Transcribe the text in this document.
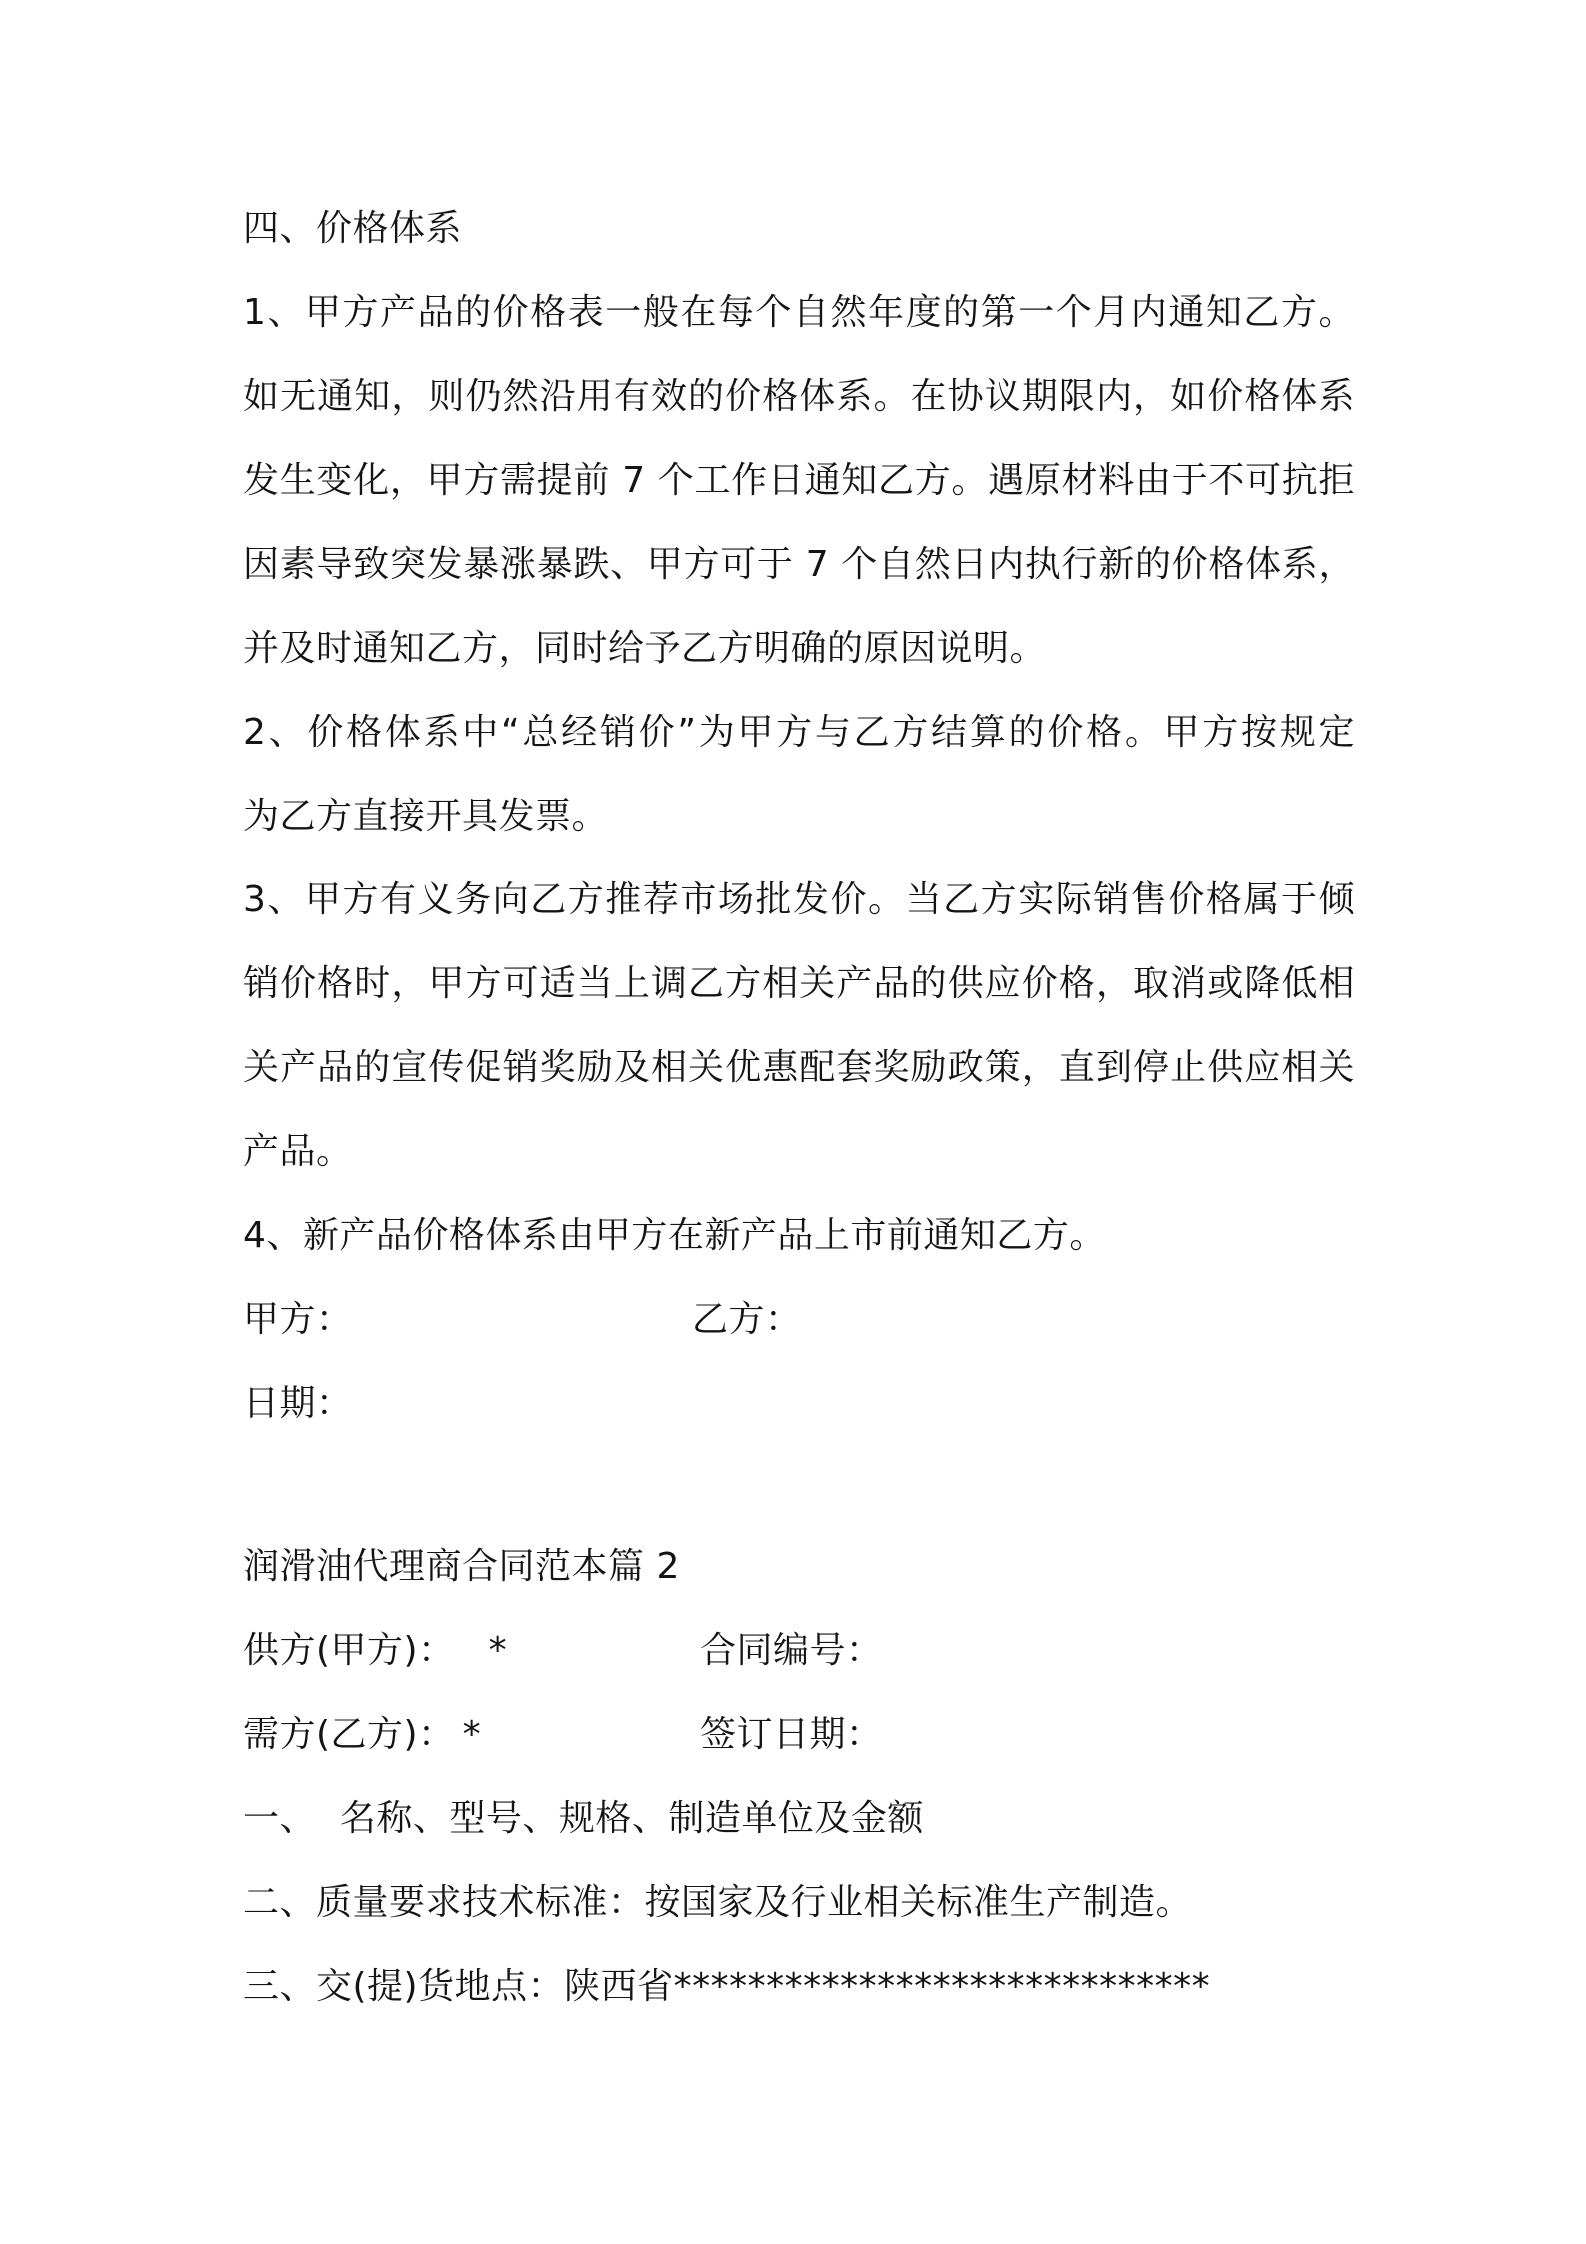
四、价格体系
1、甲方产品的价格表一般在每个自然年度的第一个月内通知乙方。
如无通知，则仍然沿用有效的价格体系。在协议期限内，如价格体系
发生变化，甲方需提前 7 个工作日通知乙方。遇原材料由于不可抗拒
因素导致突发暴涨暴跌、甲方可于 7 个自然日内执行新的价格体系，
并及时通知乙方，同时给予乙方明确的原因说明。
2、价格体系中“总经销价”为甲方与乙方结算的价格。甲方按规定
为乙方直接开具发票。
3、甲方有义务向乙方推荐市场批发价。当乙方实际销售价格属于倾
销价格时，甲方可适当上调乙方相关产品的供应价格，取消或降低相
关产品的宣传促销奖励及相关优惠配套奖励政策，直到停止供应相关
产品。
4、新产品价格体系由甲方在新产品上市前通知乙方。
甲方：	乙方：
日期：
润滑油代理商合同范本篇 2
供方(甲方)： *	合同编号：
需方(乙方)： *	签订日期：
一、  名称、型号、规格、制造单位及金额
二、质量要求技术标准：按国家及行业相关标准生产制造。
三、交(提)货地点：陕西省*****************************
